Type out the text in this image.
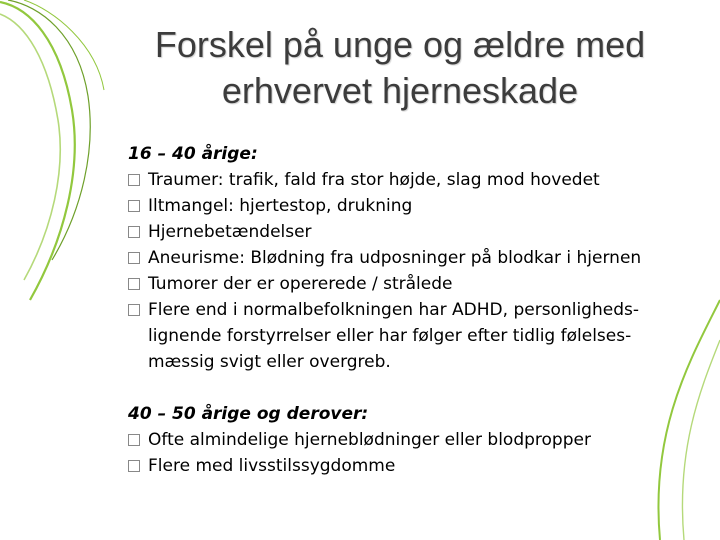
Forskel på unge og ældre med
erhvervet hjerneskade
16 – 40 årige:
Traumer: trafik, fald fra stor højde, slag mod hovedet
Iltmangel: hjertestop, drukning
Hjernebetændelser
Aneurisme: Blødning fra udposninger på blodkar i hjernen
Tumorer der er opererede / strålede
Flere end i normalbefolkningen har ADHD, personligheds-
lignende forstyrrelser eller har følger efter tidlig følelses-
mæssig svigt eller overgreb.
40 – 50 årige og derover:
Ofte almindelige hjerneblødninger eller blodpropper
Flere med livsstilssygdomme
